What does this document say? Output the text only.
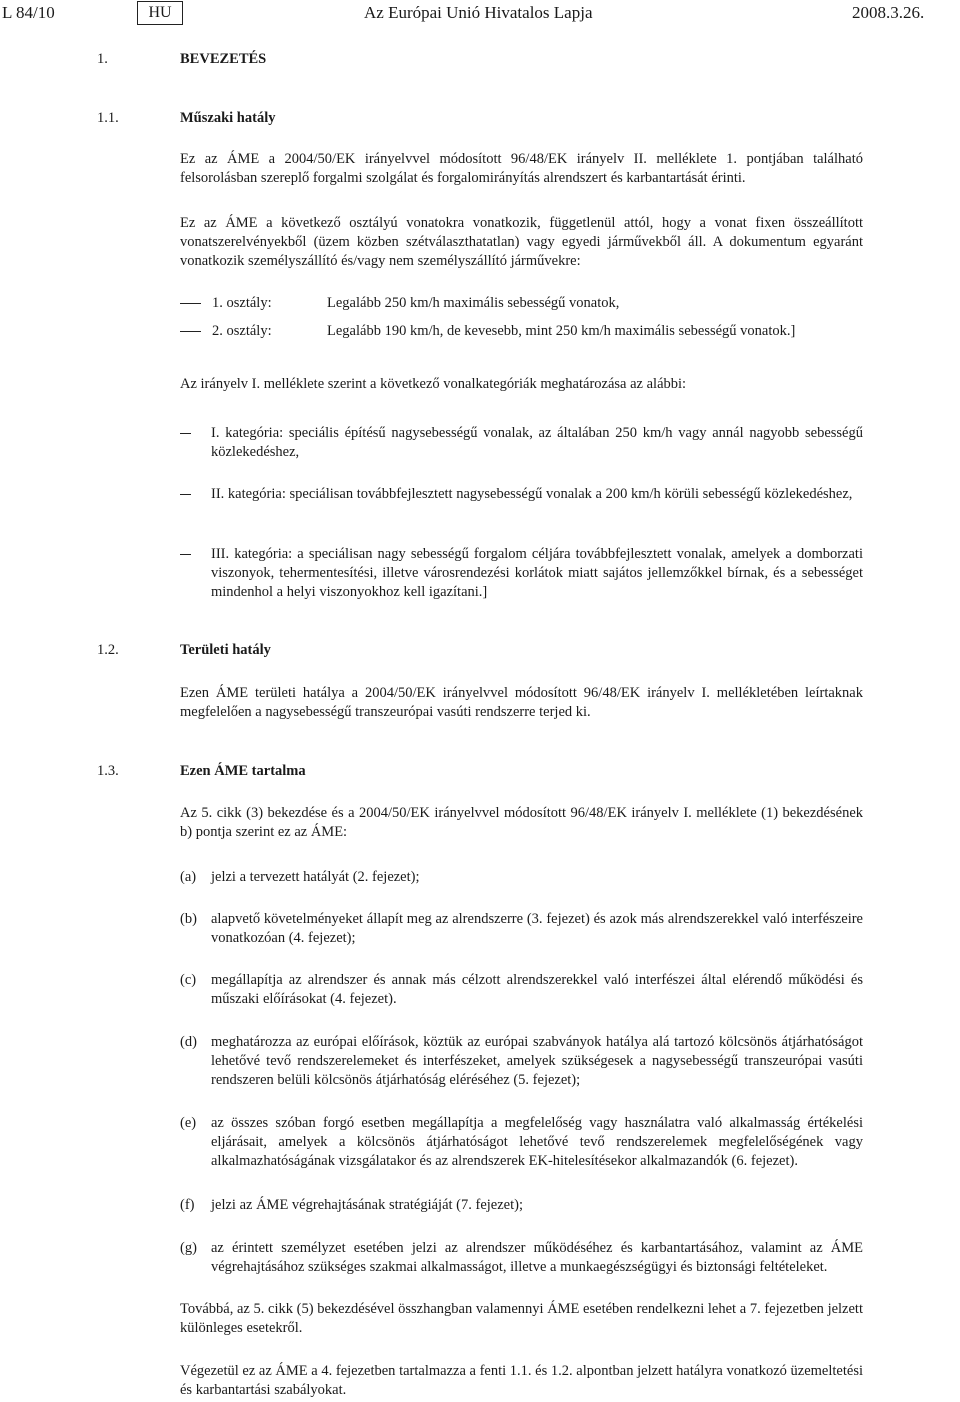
L 84/10	HU	Az Európai Unió Hivatalos Lapja	2008.3.26.
1.	BEVEZETÉS
1.1.	Műszaki hatály

Ez az ÁME a 2004/50/EK irányelvvel módosított 96/48/EK irányelv II. melléklete 1. pontjában található felsorolásban szereplő forgalmi szolgálat és forgalomirányítás alrendszert és karbantartását érinti.

Ez az ÁME a következő osztályú vonatokra vonatkozik, függetlenül attól, hogy a vonat fixen összeállított vonatszerelvényekből (üzem közben szétválaszthatatlan) vagy egyedi járművekből áll. A dokumentum egyaránt vonatkozik személyszállító és/vagy nem személyszállító járművekre:

1. osztály:	Legalább 250 km/h maximális sebességű vonatok,
2. osztály:	Legalább 190 km/h, de kevesebb, mint 250 km/h maximális sebességű vonatok.]

Az irányelv I. melléklete szerint a következő vonalkategóriák meghatározása az alábbi:

I. kategória: speciális építésű nagysebességű vonalak, az általában 250 km/h vagy annál nagyobb sebességű közlekedéshez,
II. kategória: speciálisan továbbfejlesztett nagysebességű vonalak a 200 km/h körüli sebességű közlekedéshez,
III. kategória: a speciálisan nagy sebességű forgalom céljára továbbfejlesztett vonalak, amelyek a domborzati viszonyok, tehermentesítési, illetve városrendezési korlátok miatt sajátos jellemzőkkel bírnak, és a sebességet mindenhol a helyi viszonyokhoz kell igazítani.]
1.2.	Területi hatály

Ezen ÁME területi hatálya a 2004/50/EK irányelvvel módosított 96/48/EK irányelv I. mellékletében leírtaknak megfelelően a nagysebességű transzeurópai vasúti rendszerre terjed ki.

1.3.	Ezen ÁME tartalma

Az 5. cikk (3) bekezdése és a 2004/50/EK irányelvvel módosított 96/48/EK irányelv I. melléklete (1) bekezdésének b) pontja szerint ez az ÁME:

(a) jelzi a tervezett hatályát (2. fejezet);
(b) alapvető követelményeket állapít meg az alrendszerre (3. fejezet) és azok más alrendszerekkel való interfészeire vonatkozóan (4. fejezet);
(c) megállapítja az alrendszer és annak más célzott alrendszerekkel való interfészei által elérendő működési és műszaki előírásokat (4. fejezet).
(d) meghatározza az európai előírások, köztük az európai szabványok hatálya alá tartozó kölcsönös átjárhatóságot lehetővé tevő rendszerelemeket és interfészeket, amelyek szükségesek a nagysebességű transzeurópai vasúti rendszeren belüli kölcsönös átjárhatóság eléréséhez (5. fejezet);
(e) az összes szóban forgó esetben megállapítja a megfelelőség vagy használatra való alkalmasság értékelési eljárásait, amelyek a kölcsönös átjárhatóságot lehetővé tevő rendszerelemek megfelelőségének vagy alkalmazhatóságának vizsgálatakor és az alrendszerek EK-hitelesítésekor alkalmazandók (6. fejezet).
(f) jelzi az ÁME végrehajtásának stratégiáját (7. fejezet);
(g) az érintett személyzet esetében jelzi az alrendszer működéséhez és karbantartásához, valamint az ÁME végrehajtásához szükséges szakmai alkalmasságot, illetve a munkaegészségügyi és biztonsági feltételeket.

Továbbá, az 5. cikk (5) bekezdésével összhangban valamennyi ÁME esetében rendelkezni lehet a 7. fejezetben jelzett különleges esetekről.

Végezetül ez az ÁME a 4. fejezetben tartalmazza a fenti 1.1. és 1.2. alpontban jelzett hatályra vonatkozó üzemeltetési és karbantartási szabályokat.
